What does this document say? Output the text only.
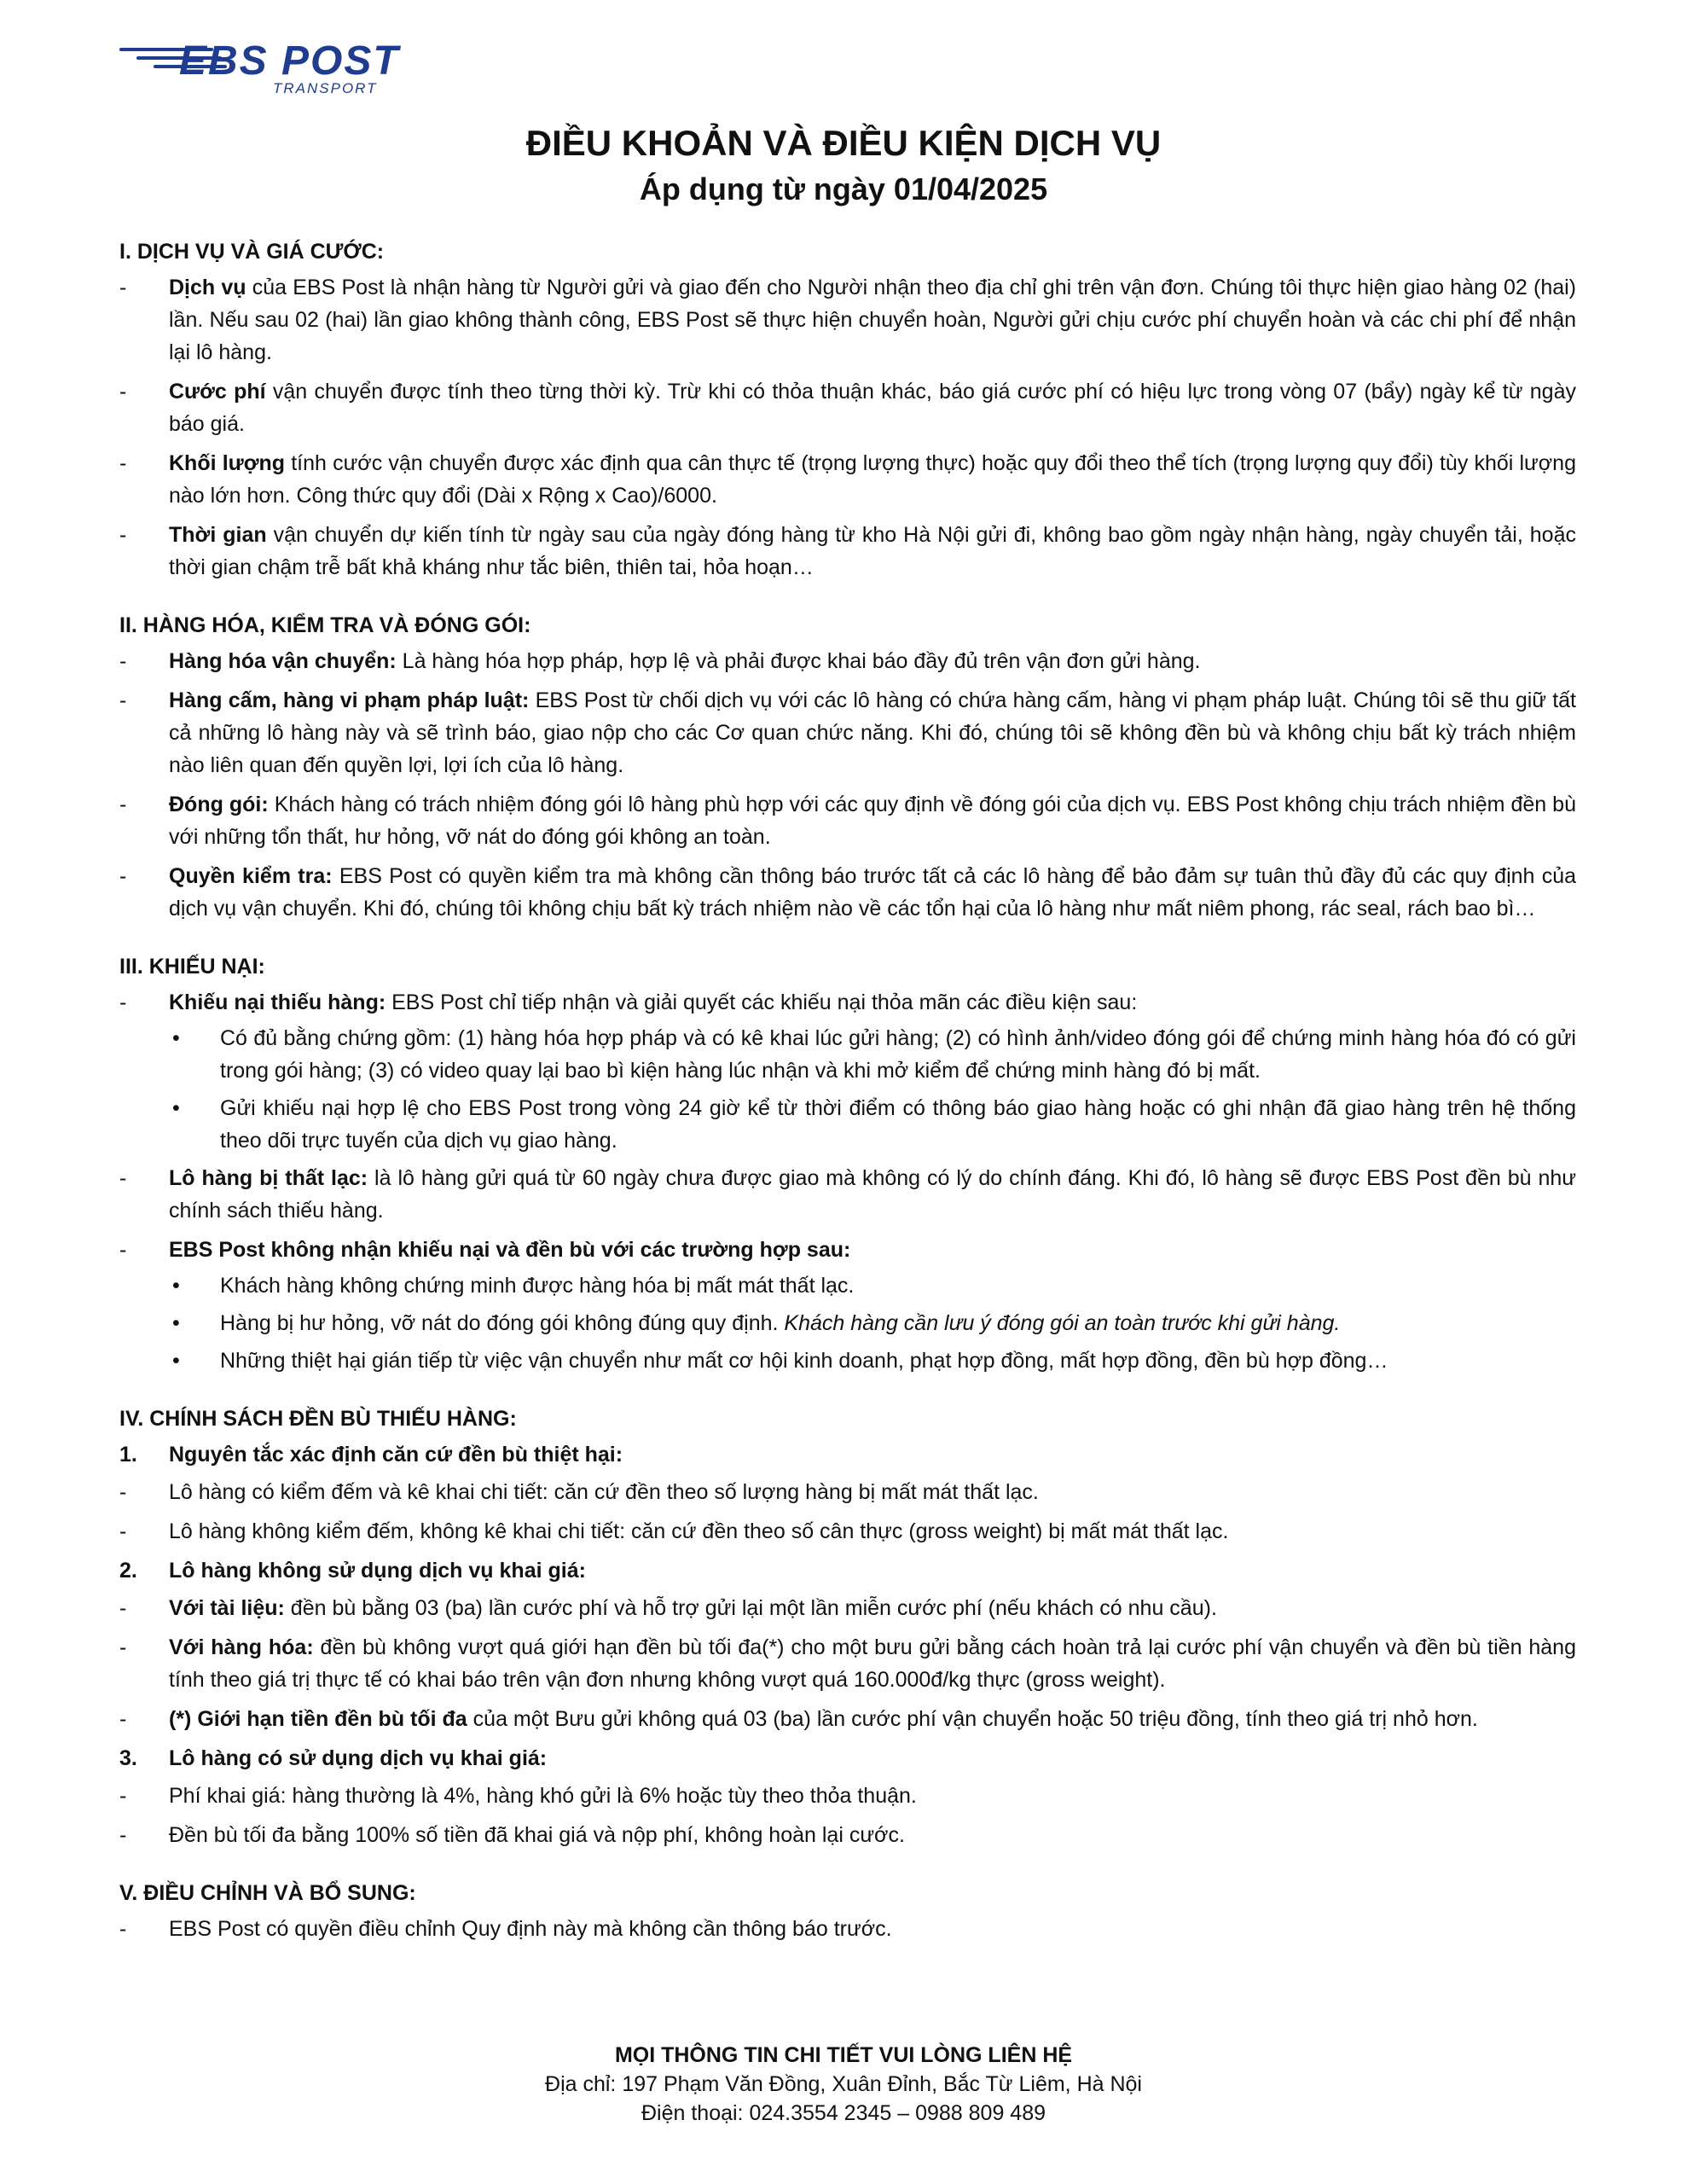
EBS POST
TRANSPORT
ĐIỀU KHOẢN VÀ ĐIỀU KIỆN DỊCH VỤ
Áp dụng từ ngày 01/04/2025
I. DỊCH VỤ VÀ GIÁ CƯỚC:
-	Dịch vụ của EBS Post là nhận hàng từ Người gửi và giao đến cho Người nhận theo địa chỉ ghi trên vận đơn. Chúng tôi thực hiện giao hàng 02 (hai) lần. Nếu sau 02 (hai) lần giao không thành công, EBS Post sẽ thực hiện chuyển hoàn, Người gửi chịu cước phí chuyển hoàn và các chi phí để nhận lại lô hàng.
-	Cước phí vận chuyển được tính theo từng thời kỳ. Trừ khi có thỏa thuận khác, báo giá cước phí có hiệu lực trong vòng 07 (bẩy) ngày kể từ ngày báo giá.
-	Khối lượng tính cước vận chuyển được xác định qua cân thực tế (trọng lượng thực) hoặc quy đổi theo thể tích (trọng lượng quy đổi) tùy khối lượng nào lớn hơn. Công thức quy đổi (Dài x Rộng x Cao)/6000.
-	Thời gian vận chuyển dự kiến tính từ ngày sau của ngày đóng hàng từ kho Hà Nội gửi đi, không bao gồm ngày nhận hàng, ngày chuyển tải, hoặc thời gian chậm trễ bất khả kháng như tắc biên, thiên tai, hỏa hoạn…
II. HÀNG HÓA, KIỂM TRA VÀ ĐÓNG GÓI:
-	Hàng hóa vận chuyển: Là hàng hóa hợp pháp, hợp lệ và phải được khai báo đầy đủ trên vận đơn gửi hàng.
-	Hàng cấm, hàng vi phạm pháp luật: EBS Post từ chối dịch vụ với các lô hàng có chứa hàng cấm, hàng vi phạm pháp luật. Chúng tôi sẽ thu giữ tất cả những lô hàng này và sẽ trình báo, giao nộp cho các Cơ quan chức năng. Khi đó, chúng tôi sẽ không đền bù và không chịu bất kỳ trách nhiệm nào liên quan đến quyền lợi, lợi ích của lô hàng.
-	Đóng gói: Khách hàng có trách nhiệm đóng gói lô hàng phù hợp với các quy định về đóng gói của dịch vụ. EBS Post không chịu trách nhiệm đền bù với những tổn thất, hư hỏng, vỡ nát do đóng gói không an toàn.
-	Quyền kiểm tra: EBS Post có quyền kiểm tra mà không cần thông báo trước tất cả các lô hàng để bảo đảm sự tuân thủ đầy đủ các quy định của dịch vụ vận chuyển. Khi đó, chúng tôi không chịu bất kỳ trách nhiệm nào về các tổn hại của lô hàng như mất niêm phong, rác seal, rách bao bì…
III. KHIẾU NẠI:
-	Khiếu nại thiếu hàng: EBS Post chỉ tiếp nhận và giải quyết các khiếu nại thỏa mãn các điều kiện sau:
• Có đủ bằng chứng gồm: (1) hàng hóa hợp pháp và có kê khai lúc gửi hàng; (2) có hình ảnh/video đóng gói để chứng minh hàng hóa đó có gửi trong gói hàng; (3) có video quay lại bao bì kiện hàng lúc nhận và khi mở kiểm để chứng minh hàng đó bị mất.
• Gửi khiếu nại hợp lệ cho EBS Post trong vòng 24 giờ kể từ thời điểm có thông báo giao hàng hoặc có ghi nhận đã giao hàng trên hệ thống theo dõi trực tuyến của dịch vụ giao hàng.
-	Lô hàng bị thất lạc: là lô hàng gửi quá từ 60 ngày chưa được giao mà không có lý do chính đáng. Khi đó, lô hàng sẽ được EBS Post đền bù như chính sách thiếu hàng.
-	EBS Post không nhận khiếu nại và đền bù với các trường hợp sau:
• Khách hàng không chứng minh được hàng hóa bị mất mát thất lạc.
• Hàng bị hư hỏng, vỡ nát do đóng gói không đúng quy định. Khách hàng cần lưu ý đóng gói an toàn trước khi gửi hàng.
• Những thiệt hại gián tiếp từ việc vận chuyển như mất cơ hội kinh doanh, phạt hợp đồng, mất hợp đồng, đền bù hợp đồng…
IV. CHÍNH SÁCH ĐỀN BÙ THIẾU HÀNG:
1. Nguyên tắc xác định căn cứ đền bù thiệt hại:
-	Lô hàng có kiểm đếm và kê khai chi tiết: căn cứ đền theo số lượng hàng bị mất mát thất lạc.
-	Lô hàng không kiểm đếm, không kê khai chi tiết: căn cứ đền theo số cân thực (gross weight) bị mất mát thất lạc.
2. Lô hàng không sử dụng dịch vụ khai giá:
-	Với tài liệu: đền bù bằng 03 (ba) lần cước phí và hỗ trợ gửi lại một lần miễn cước phí (nếu khách có nhu cầu).
-	Với hàng hóa: đền bù không vượt quá giới hạn đền bù tối đa(*) cho một bưu gửi bằng cách hoàn trả lại cước phí vận chuyển và đền bù tiền hàng tính theo giá trị thực tế có khai báo trên vận đơn nhưng không vượt quá 160.000đ/kg thực (gross weight).
-	(*) Giới hạn tiền đền bù tối đa của một Bưu gửi không quá 03 (ba) lần cước phí vận chuyển hoặc 50 triệu đồng, tính theo giá trị nhỏ hơn.
3. Lô hàng có sử dụng dịch vụ khai giá:
-	Phí khai giá: hàng thường là 4%, hàng khó gửi là 6% hoặc tùy theo thỏa thuận.
-	Đền bù tối đa bằng 100% số tiền đã khai giá và nộp phí, không hoàn lại cước.
V. ĐIỀU CHỈNH VÀ BỔ SUNG:
-	EBS Post có quyền điều chỉnh Quy định này mà không cần thông báo trước.
MỌI THÔNG TIN CHI TIẾT VUI LÒNG LIÊN HỆ
Địa chỉ: 197 Phạm Văn Đồng, Xuân Đỉnh, Bắc Từ Liêm, Hà Nội
Điện thoại: 024.3554 2345 – 0988 809 489
